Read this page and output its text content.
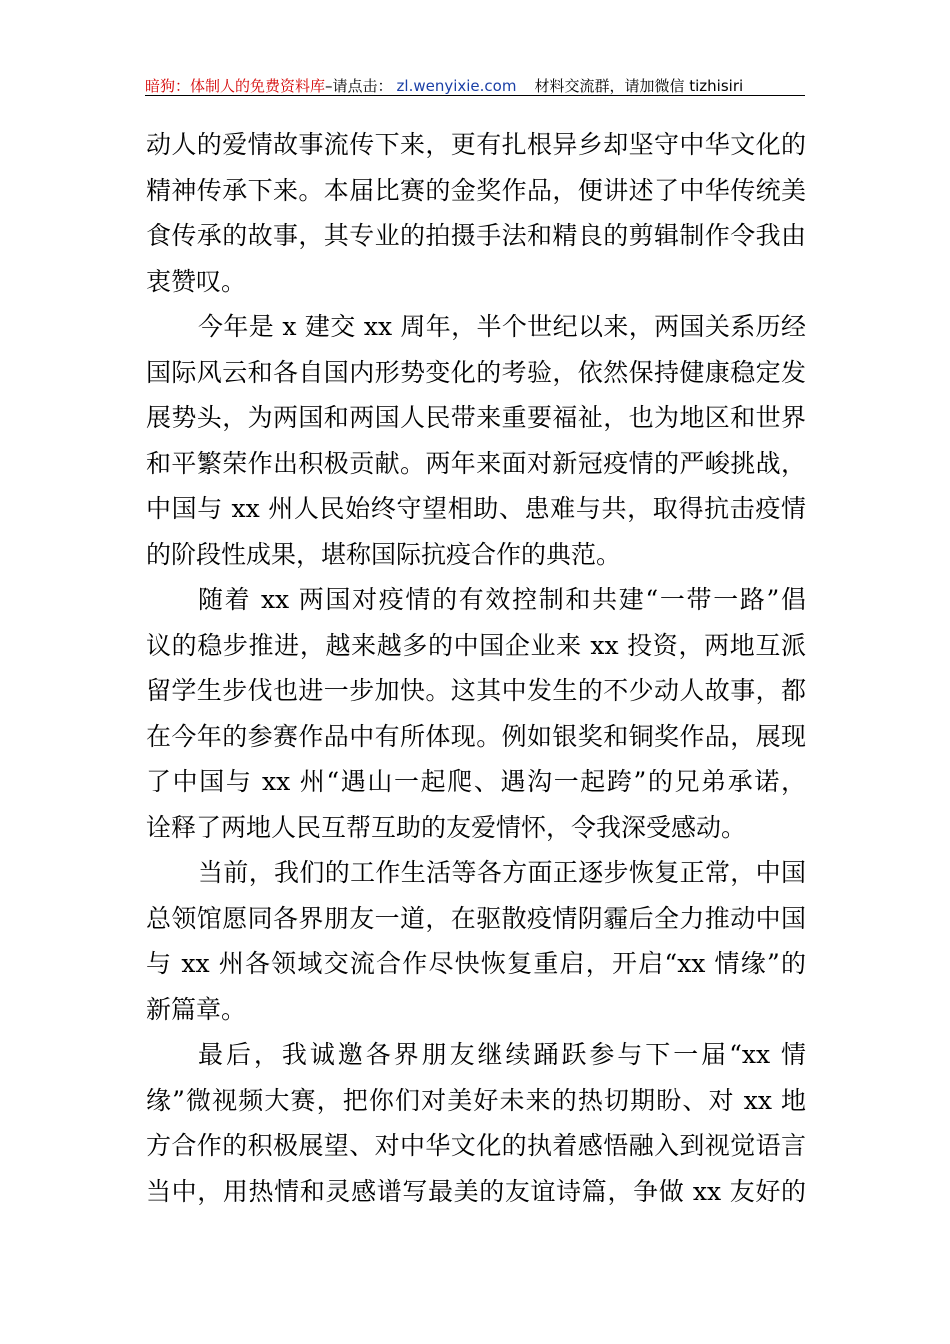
暗狗：体制人的免费资料库 –请点击： zl.wenyixie.com 材料交流群，请加微信 tizhisiri
动人的爱情故事流传下来，更有扎根异乡却坚守中华文化的
精神传承下来。本届比赛的金奖作品，便讲述了中华传统美
食传承的故事，其专业的拍摄手法和精良的剪辑制作令我由
衷赞叹。
今年是 x 建交 xx 周年，半个世纪以来，两国关系历经
国际风云和各自国内形势变化的考验，依然保持健康稳定发
展势头，为两国和两国人民带来重要福祉，也为地区和世界
和平繁荣作出积极贡献。两年来面对新冠疫情的严峻挑战，
中国与 xx 州人民始终守望相助、患难与共，取得抗击疫情
的阶段性成果，堪称国际抗疫合作的典范。
随着 xx 两国对疫情的有效控制和共建“一带一路”倡
议的稳步推进，越来越多的中国企业来 xx 投资，两地互派
留学生步伐也进一步加快。这其中发生的不少动人故事，都
在今年的参赛作品中有所体现。例如银奖和铜奖作品，展现
了中国与 xx 州“遇山一起爬、遇沟一起跨”的兄弟承诺，
诠释了两地人民互帮互助的友爱情怀，令我深受感动。
当前，我们的工作生活等各方面正逐步恢复正常，中国
总领馆愿同各界朋友一道，在驱散疫情阴霾后全力推动中国
与 xx 州各领域交流合作尽快恢复重启，开启“xx 情缘”的
新篇章。
最后，我诚邀各界朋友继续踊跃参与下一届“xx 情
缘”微视频大赛，把你们对美好未来的热切期盼、对 xx 地
方合作的积极展望、对中华文化的执着感悟融入到视觉语言
当中，用热情和灵感谱写最美的友谊诗篇，争做 xx 友好的
